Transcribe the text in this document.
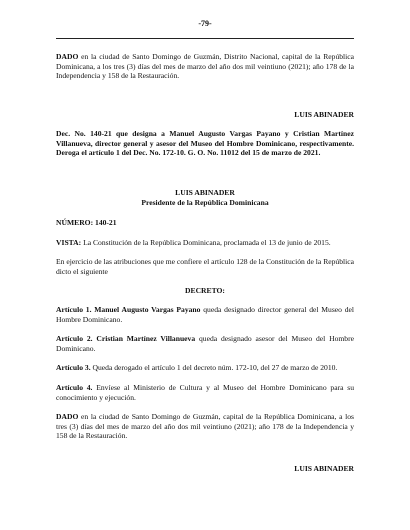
-79-
DADO en la ciudad de Santo Domingo de Guzmán, Distrito Nacional, capital de la República Dominicana, a los tres (3) días del mes de marzo del año dos mil veintiuno (2021); año 178 de la Independencia y 158 de la Restauración.
LUIS ABINADER
Dec. No. 140-21 que designa a Manuel Augusto Vargas Payano y Cristian Martínez Villanueva, director general y asesor del Museo del Hombre Dominicano, respectivamente. Deroga el artículo 1 del Dec. No. 172-10. G. O. No. 11012 del 15 de marzo de 2021.
LUIS ABINADER
Presidente de la República Dominicana
NÚMERO: 140-21
VISTA: La Constitución de la República Dominicana, proclamada el 13 de junio de 2015.
En ejercicio de las atribuciones que me confiere el artículo 128 de la Constitución de la República dicto el siguiente
DECRETO:
Artículo 1. Manuel Augusto Vargas Payano queda designado director general del Museo del Hombre Dominicano.
Artículo 2. Cristian Martínez Villanueva queda designado asesor del Museo del Hombre Dominicano.
Artículo 3. Queda derogado el artículo 1 del decreto núm. 172-10, del 27 de marzo de 2010.
Artículo 4. Envíese al Ministerio de Cultura y al Museo del Hombre Dominicano para su conocimiento y ejecución.
DADO en la ciudad de Santo Domingo de Guzmán, capital de la República Dominicana, a los tres (3) días del mes de marzo del año dos mil veintiuno (2021); año 178 de la Independencia y 158 de la Restauración.
LUIS ABINADER
